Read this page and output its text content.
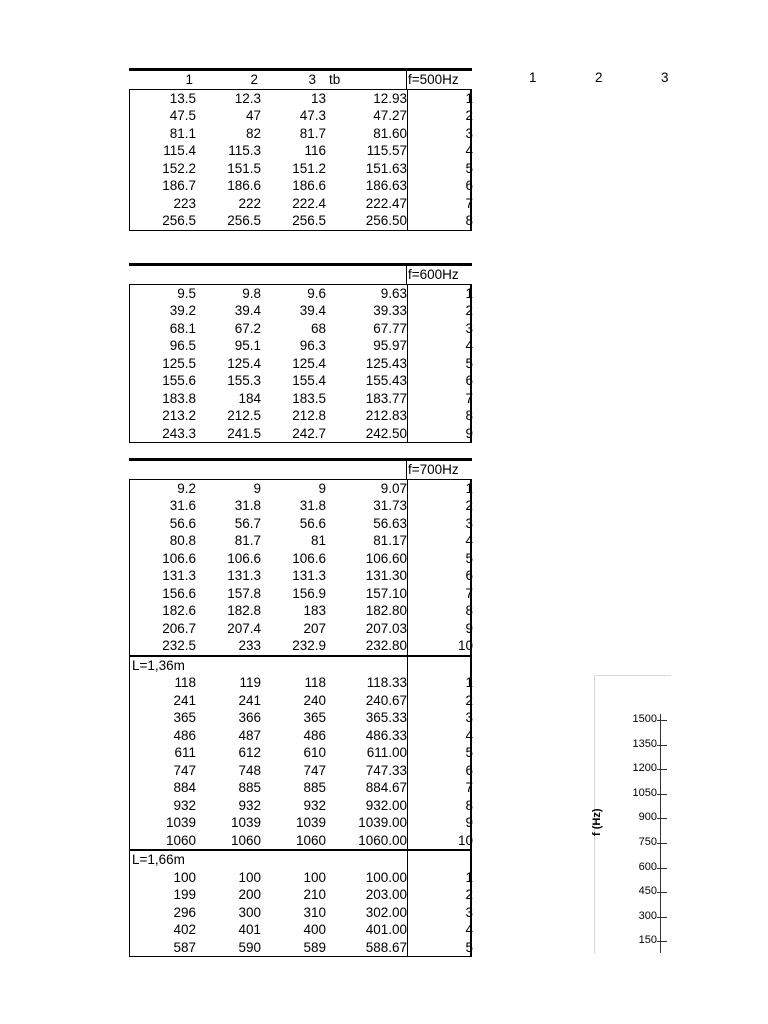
1	2	3
1	2	3 tb	f=500Hz
13.5	12.3	13	12.93	1
47.5	47	47.3	47.27	2
81.1	82	81.7	81.60	3
115.4	115.3	116	115.57	4
152.2	151.5	151.2	151.63	5
186.7	186.6	186.6	186.63	6
223	222	222.4	222.47	7
256.5	256.5	256.5	256.50	8
f=600Hz
9.5	9.8	9.6	9.63	1
39.2	39.4	39.4	39.33	2
68.1	67.2	68	67.77	3
96.5	95.1	96.3	95.97	4
125.5	125.4	125.4	125.43	5
155.6	155.3	155.4	155.43	6
183.8	184	183.5	183.77	7
213.2	212.5	212.8	212.83	8
243.3	241.5	242.7	242.50	9
f=700Hz
9.2	9	9	9.07	1
31.6	31.8	31.8	31.73	2
56.6	56.7	56.6	56.63	3
80.8	81.7	81	81.17	4
106.6	106.6	106.6	106.60	5
131.3	131.3	131.3	131.30	6
156.6	157.8	156.9	157.10	7
182.6	182.8	183	182.80	8
206.7	207.4	207	207.03	9
232.5	233	232.9	232.80	10
L=1,36m
118	119	118	118.33	1
241	241	240	240.67	2
365	366	365	365.33	3
486	487	486	486.33	4
611	612	610	611.00	5
747	748	747	747.33	6
884	885	885	884.67	7
932	932	932	932.00	8
1039	1039	1039	1039.00	9
1060	1060	1060	1060.00	10
L=1,66m
100	100	100	100.00	1
199	200	210	203.00	2
296	300	310	302.00	3
402	401	400	401.00	4
587	590	589	588.67	5
f (Hz)
1500
1350
1200
1050
900
750
600
450
300
150
